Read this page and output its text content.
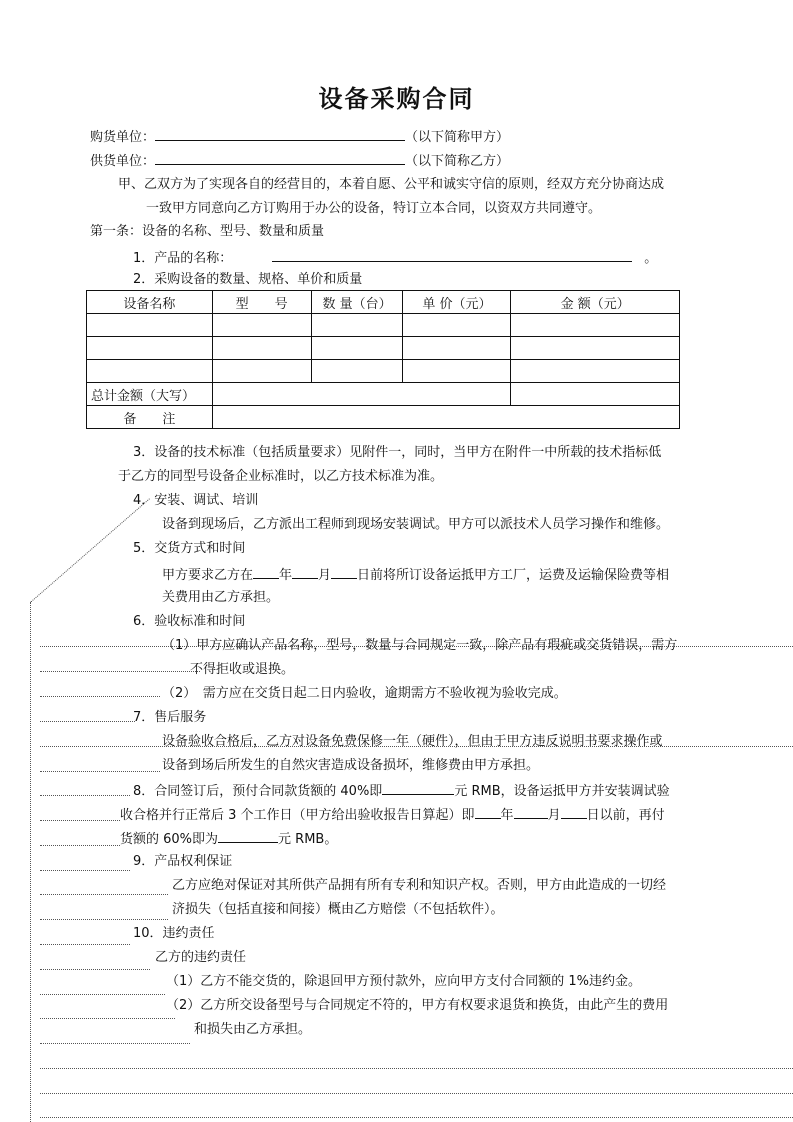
设备采购合同
购货单位：	（以下简称甲方）
供货单位：	（以下简称乙方）
甲、乙双方为了实现各自的经营目的，本着自愿、公平和诚实守信的原则，经双方充分协商达成
一致甲方同意向乙方订购用于办公的设备，特订立本合同，以资双方共同遵守。
第一条：设备的名称、型号、数量和质量
1．产品的名称：	。
2．采购设备的数量、规格、单价和质量
设备名称	型　　号	数 量（台）	单 价（元）	金 额（元）

总计金额（大写）				
备　　注				
3．设备的技术标准（包括质量要求）见附件一，同时，当甲方在附件一中所载的技术指标低
于乙方的同型号设备企业标准时，以乙方技术标准为准。
4．安装、调试、培训
设备到现场后，乙方派出工程师到现场安装调试。甲方可以派技术人员学习操作和维修。
5．交货方式和时间
甲方要求乙方在 年 月 日前将所订设备运抵甲方工厂，运费及运输保险费等相
关费用由乙方承担。
6．验收标准和时间
（1）甲方应确认产品名称，型号，数量与合同规定一致，除产品有瑕疵或交货错误，需方
不得拒收或退换。
（2）　需方应在交货日起二日内验收，逾期需方不验收视为验收完成。
7．售后服务
设备验收合格后，乙方对设备免费保修一年（硬件），但由于甲方违反说明书要求操作或
设备到场后所发生的自然灾害造成设备损坏，维修费由甲方承担。
8．合同签订后，预付合同款货额的 40%即	元 RMB，设备运抵甲方并安装调试验
收合格并行正常后 3 个工作日（甲方给出验收报告日算起）即 年	月 日以前，再付
货额的 60%即为	元 RMB。
9．产品权利保证
乙方应绝对保证对其所供产品拥有所有专利和知识产权。否则，甲方由此造成的一切经
济损失（包括直接和间接）概由乙方赔偿（不包括软件）。
10．违约责任
乙方的违约责任
（1）乙方不能交货的，除退回甲方预付款外，应向甲方支付合同额的 1%违约金。
（2）乙方所交设备型号与合同规定不符的，甲方有权要求退货和换货，由此产生的费用
和损失由乙方承担。
